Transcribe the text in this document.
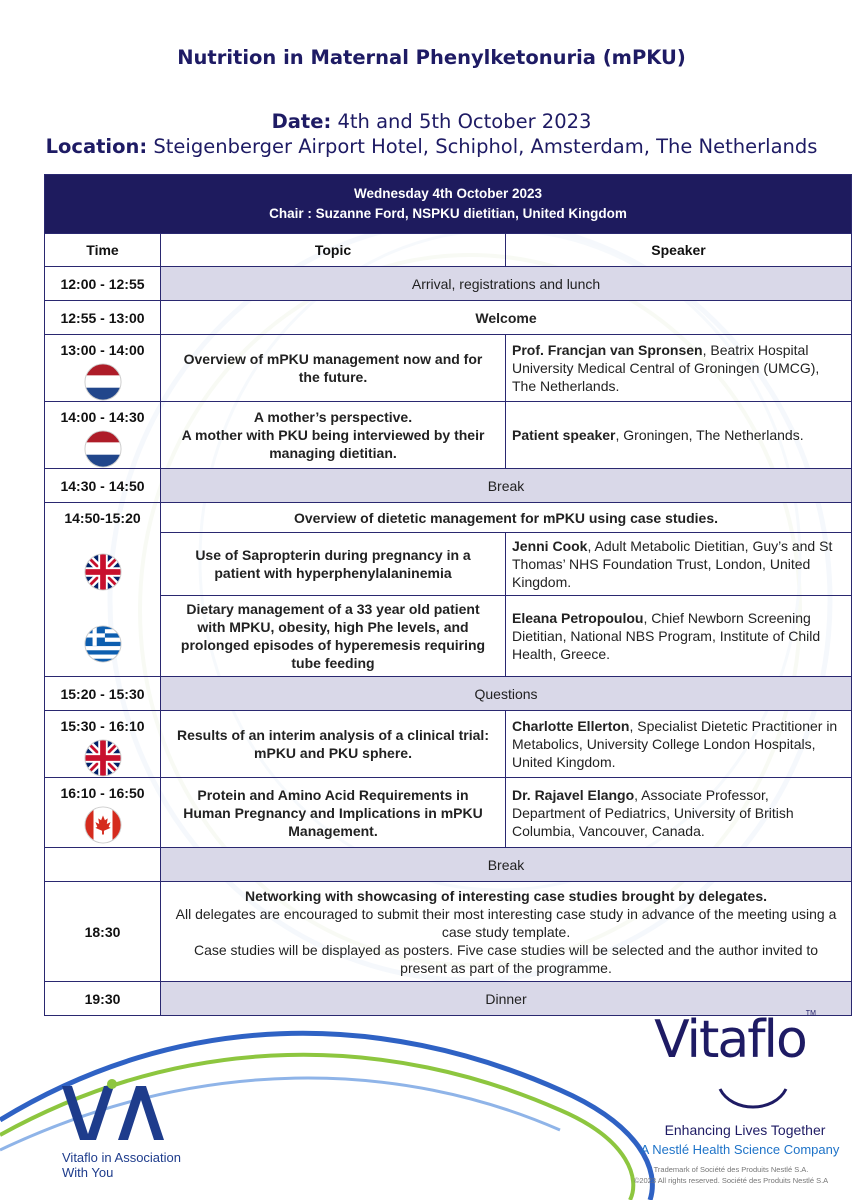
Nutrition in Maternal Phenylketonuria (mPKU)
Date: 4th and 5th October 2023
Location: Steigenberger Airport Hotel, Schiphol, Amsterdam, The Netherlands
Wednesday 4th October 2023
Chair : Suzanne Ford, NSPKU dietitian, United Kingdom		

Time	Topic	Speaker
12:00 - 12:55	Arrival, registrations and lunch	
12:55 - 13:00	Welcome	

13:00 - 14:00	Overview of mPKU management now and for the future.	Prof. Francjan van Spronsen, Beatrix Hospital University Medical Central of Groningen (UMCG), The Netherlands.

14:00 - 14:30	A mother’s perspective.
A mother with PKU being interviewed by their managing dietitian.	Patient speaker, Groningen, The Netherlands.
14:30 - 14:50	Break	

14:50-15:20	Overview of dietetic management for mPKU using case studies.	
	Use of Sapropterin during pregnancy in a patient with hyperphenylalaninemia	Jenni Cook, Adult Metabolic Dietitian, Guy’s and St Thomas’ NHS Foundation Trust, London, United Kingdom.
	Dietary management of a 33 year old patient with MPKU, obesity, high Phe levels, and prolonged episodes of hyperemesis requiring tube feeding	Eleana Petropoulou, Chief Newborn Screening Dietitian, National NBS Program, Institute of Child Health, Greece.
15:20 - 15:30	Questions	

15:30 - 16:10	Results of an interim analysis of a clinical trial: mPKU and PKU sphere.	Charlotte Ellerton, Specialist Dietetic Practitioner in Metabolics, University College London Hospitals, United Kingdom.

16:10 - 16:50	Protein and Amino Acid Requirements in Human Pregnancy and Implications in mPKU Management.	Dr. Rajavel Elango, Associate Professor, Department of Pediatrics, University of British Columbia, Vancouver, Canada.
	Break	
18:30	Networking with showcasing of interesting case studies brought by delegates.
All delegates are encouraged to submit their most interesting case study in advance of the meeting using a case study template.
Case studies will be displayed as posters. Five case studies will be selected and the author invited to present as part of the programme.	

19:30	Dinner	
Vitaflo in Association
With You
Vitaflo™
Enhancing Lives Together
A Nestlé Health Science Company
Trademark of Société des Produits Nestlé S.A.
©2023 All rights reserved. Société des Produits Nestlé S.A
